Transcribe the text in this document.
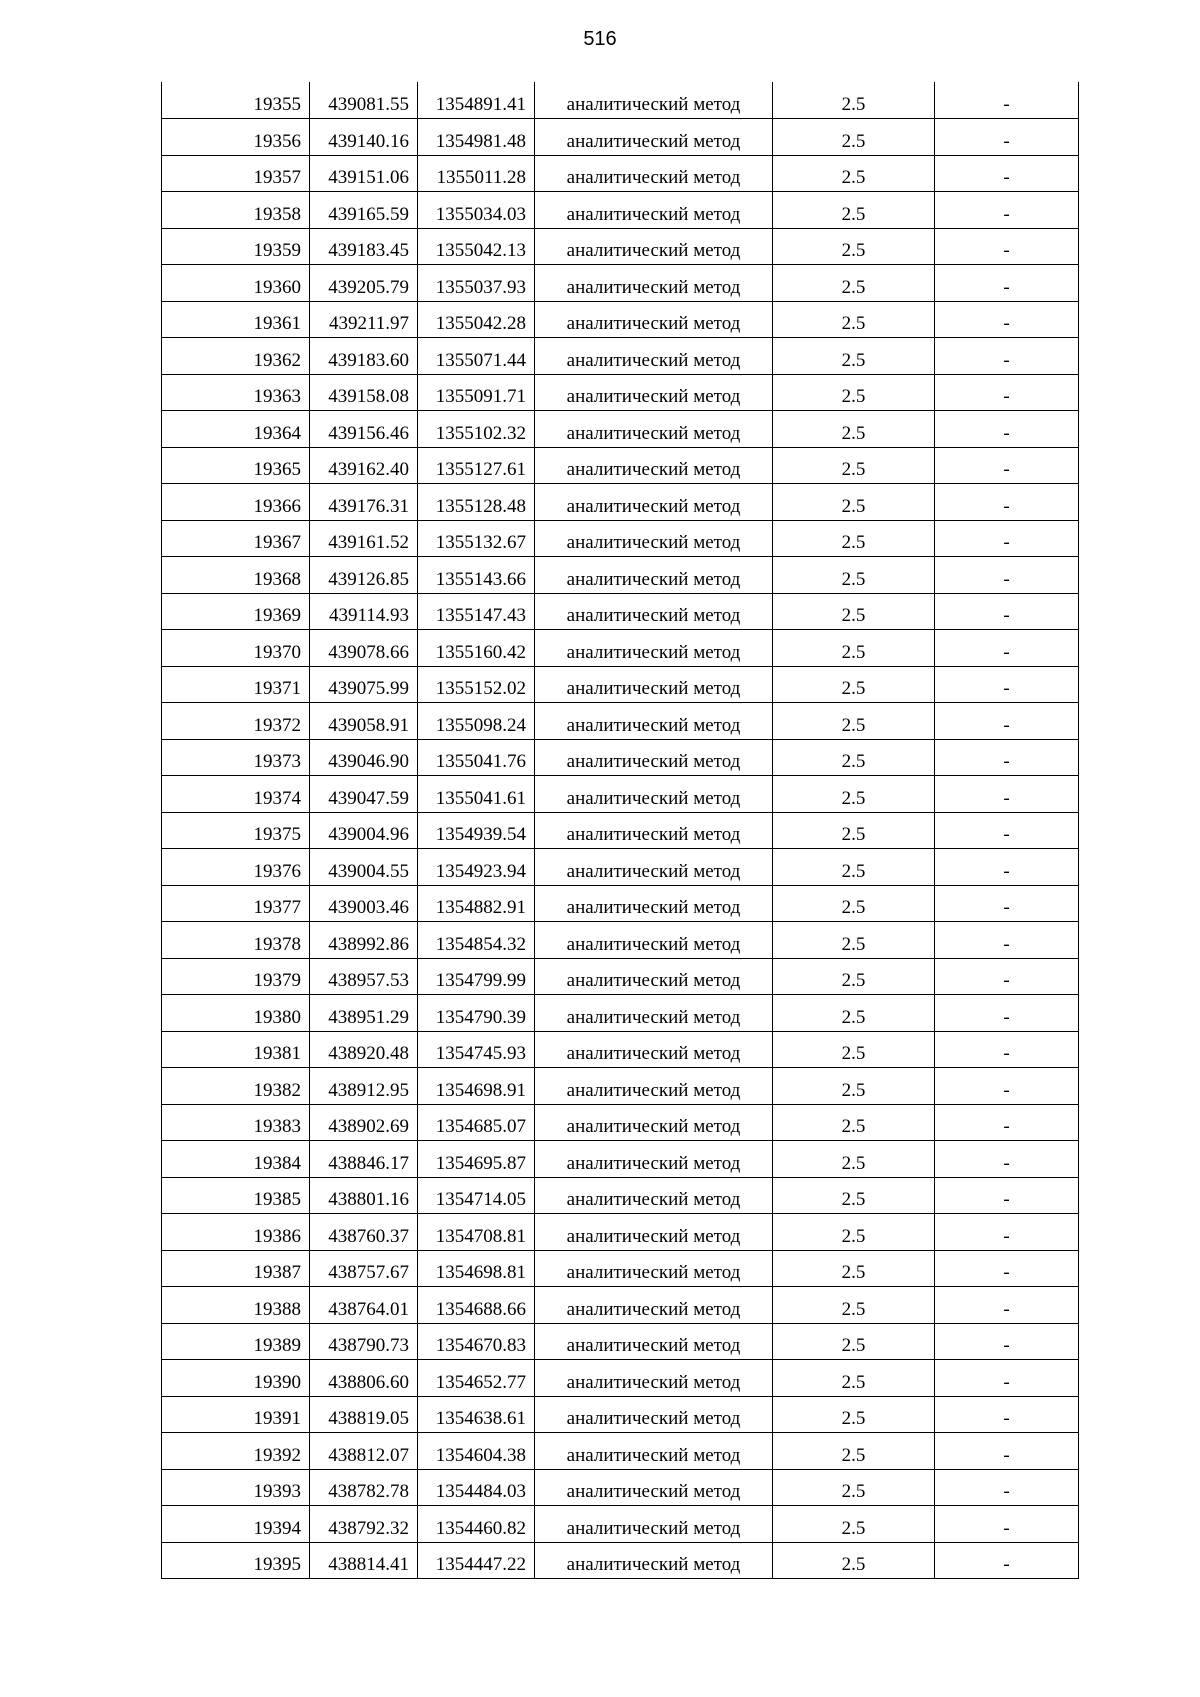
516
19355	439081.55	1354891.41	аналитический метод	2.5	-
19356	439140.16	1354981.48	аналитический метод	2.5	-
19357	439151.06	1355011.28	аналитический метод	2.5	-
19358	439165.59	1355034.03	аналитический метод	2.5	-
19359	439183.45	1355042.13	аналитический метод	2.5	-
19360	439205.79	1355037.93	аналитический метод	2.5	-
19361	439211.97	1355042.28	аналитический метод	2.5	-
19362	439183.60	1355071.44	аналитический метод	2.5	-
19363	439158.08	1355091.71	аналитический метод	2.5	-
19364	439156.46	1355102.32	аналитический метод	2.5	-
19365	439162.40	1355127.61	аналитический метод	2.5	-
19366	439176.31	1355128.48	аналитический метод	2.5	-
19367	439161.52	1355132.67	аналитический метод	2.5	-
19368	439126.85	1355143.66	аналитический метод	2.5	-
19369	439114.93	1355147.43	аналитический метод	2.5	-
19370	439078.66	1355160.42	аналитический метод	2.5	-
19371	439075.99	1355152.02	аналитический метод	2.5	-
19372	439058.91	1355098.24	аналитический метод	2.5	-
19373	439046.90	1355041.76	аналитический метод	2.5	-
19374	439047.59	1355041.61	аналитический метод	2.5	-
19375	439004.96	1354939.54	аналитический метод	2.5	-
19376	439004.55	1354923.94	аналитический метод	2.5	-
19377	439003.46	1354882.91	аналитический метод	2.5	-
19378	438992.86	1354854.32	аналитический метод	2.5	-
19379	438957.53	1354799.99	аналитический метод	2.5	-
19380	438951.29	1354790.39	аналитический метод	2.5	-
19381	438920.48	1354745.93	аналитический метод	2.5	-
19382	438912.95	1354698.91	аналитический метод	2.5	-
19383	438902.69	1354685.07	аналитический метод	2.5	-
19384	438846.17	1354695.87	аналитический метод	2.5	-
19385	438801.16	1354714.05	аналитический метод	2.5	-
19386	438760.37	1354708.81	аналитический метод	2.5	-
19387	438757.67	1354698.81	аналитический метод	2.5	-
19388	438764.01	1354688.66	аналитический метод	2.5	-
19389	438790.73	1354670.83	аналитический метод	2.5	-
19390	438806.60	1354652.77	аналитический метод	2.5	-
19391	438819.05	1354638.61	аналитический метод	2.5	-
19392	438812.07	1354604.38	аналитический метод	2.5	-
19393	438782.78	1354484.03	аналитический метод	2.5	-
19394	438792.32	1354460.82	аналитический метод	2.5	-
19395	438814.41	1354447.22	аналитический метод	2.5	-
